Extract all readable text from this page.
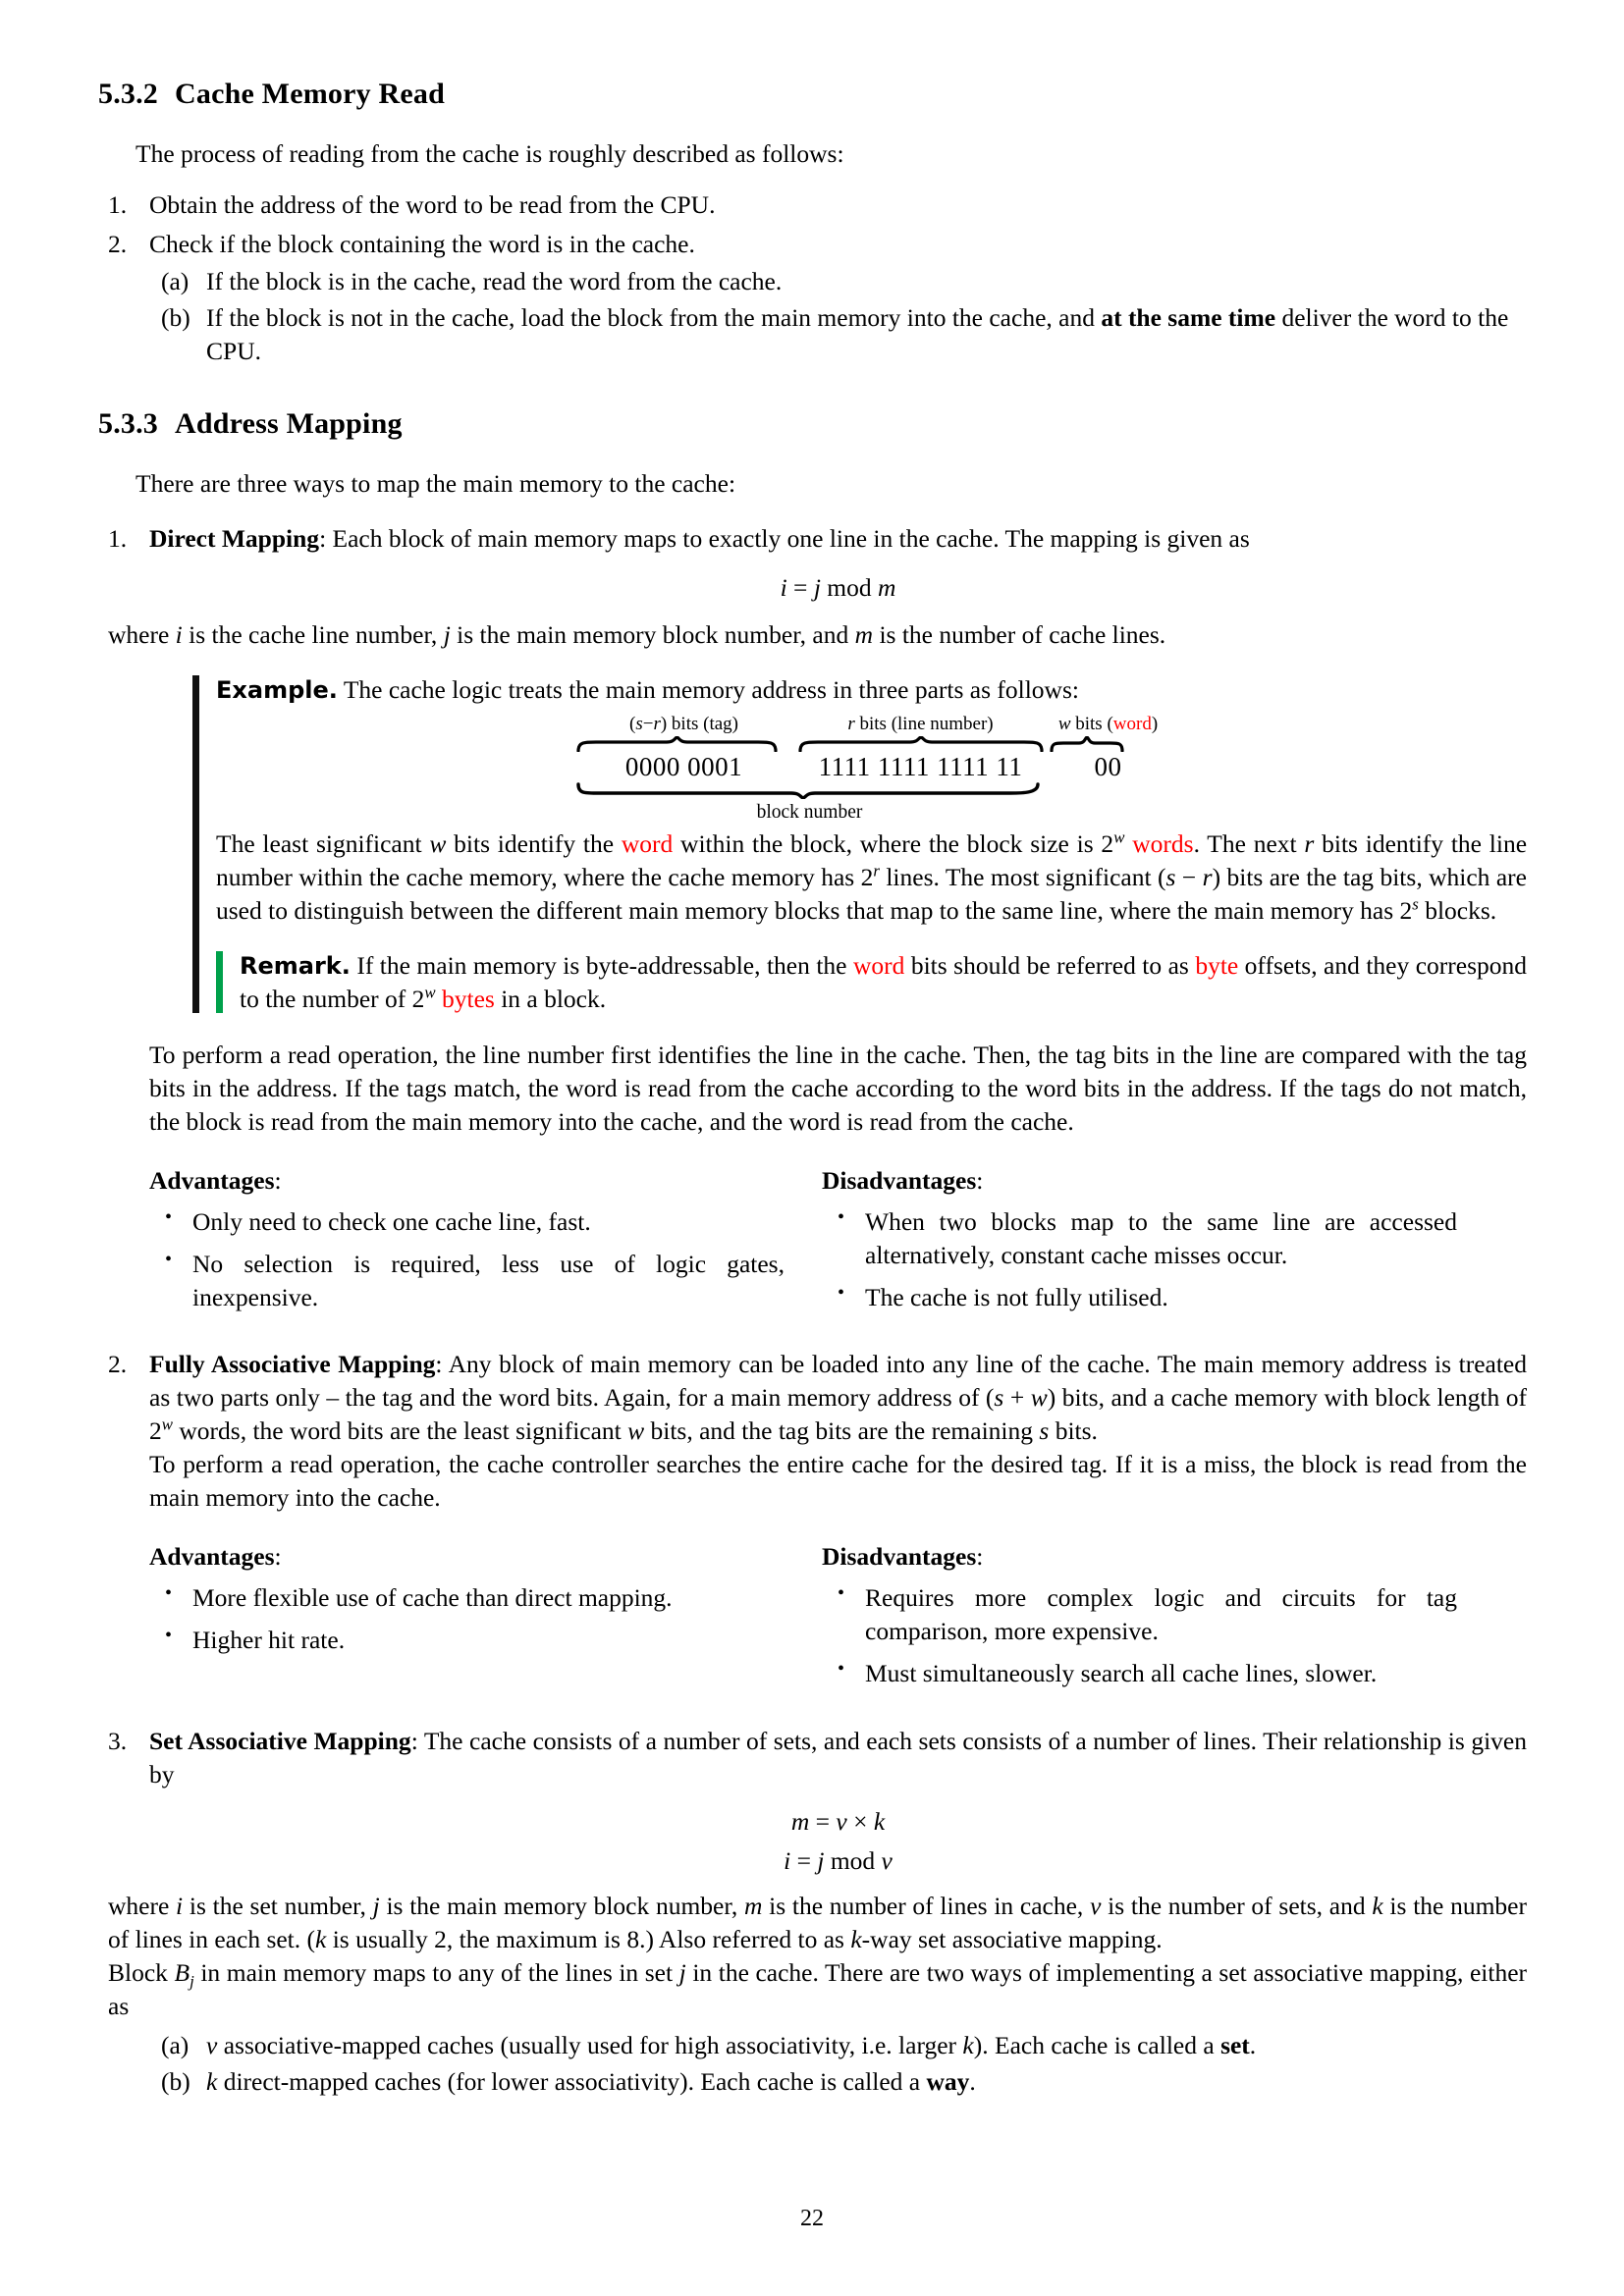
5.3.2 Cache Memory Read
The process of reading from the cache is roughly described as follows:
1. Obtain the address of the word to be read from the CPU.
2. Check if the block containing the word is in the cache.
(a) If the block is in the cache, read the word from the cache.
(b) If the block is not in the cache, load the block from the main memory into the cache, and at the same time deliver the word to the CPU.
5.3.3 Address Mapping
There are three ways to map the main memory to the cache:
1. Direct Mapping: Each block of main memory maps to exactly one line in the cache. The mapping is given as
i = j mod m
where i is the cache line number, j is the main memory block number, and m is the number of cache lines.
Example. The cache logic treats the main memory address in three parts as follows:
(s−r) bits (tag)	r bits (line number)	w bits (word)
0000 0001	1111 1111 1111 11	00
block number
The least significant w bits identify the word within the block, where the block size is 2$^w$ words. The next r bits identify the line number within the cache memory, where the cache memory has 2$^r$ lines. The most significant (s − r) bits are the tag bits, which are used to distinguish between the different main memory blocks that map to the same line, where the main memory has 2$^s$ blocks.
Remark. If the main memory is byte-addressable, then the word bits should be referred to as byte offsets, and they correspond to the number of 2$^w$ bytes in a block.
To perform a read operation, the line number first identifies the line in the cache. Then, the tag bits in the line are compared with the tag bits in the address. If the tags match, the word is read from the cache according to the word bits in the address. If the tags do not match, the block is read from the main memory into the cache, and the word is read from the cache.
Advantages:
• Only need to check one cache line, fast.
• No selection is required, less use of logic gates, inexpensive.
Disadvantages:
• When two blocks map to the same line are accessed alternatively, constant cache misses occur.
• The cache is not fully utilised.
2. Fully Associative Mapping: Any block of main memory can be loaded into any line of the cache. The main memory address is treated as two parts only – the tag and the word bits. Again, for a main memory address of (s + w) bits, and a cache memory with block length of 2$^w$ words, the word bits are the least significant w bits, and the tag bits are the remaining s bits.
To perform a read operation, the cache controller searches the entire cache for the desired tag. If it is a miss, the block is read from the main memory into the cache.
Advantages:
• More flexible use of cache than direct mapping.
• Higher hit rate.
Disadvantages:
• Requires more complex logic and circuits for tag comparison, more expensive.
• Must simultaneously search all cache lines, slower.
3. Set Associative Mapping: The cache consists of a number of sets, and each sets consists of a number of lines. Their relationship is given by
m = v × k
i = j mod v
where i is the set number, j is the main memory block number, m is the number of lines in cache, v is the number of sets, and k is the number of lines in each set. (k is usually 2, the maximum is 8.) Also referred to as k-way set associative mapping.
Block $B_j$ in main memory maps to any of the lines in set j in the cache. There are two ways of implementing a set associative mapping, either as
(a) v associative-mapped caches (usually used for high associativity, i.e. larger k). Each cache is called a set.
(b) k direct-mapped caches (for lower associativity). Each cache is called a way.
22
